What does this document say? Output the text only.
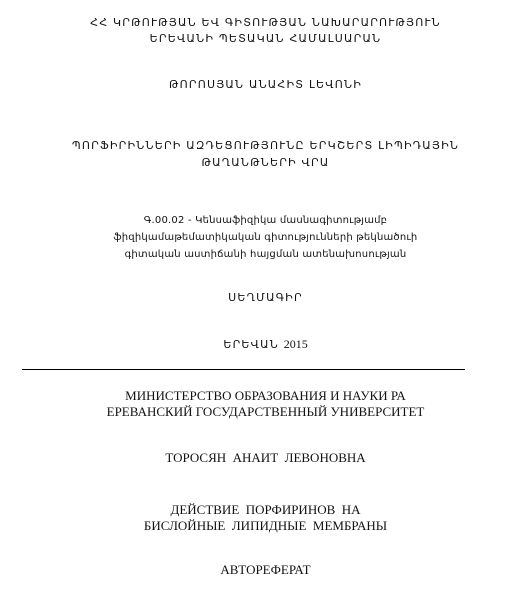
ՀՀ ԿՐԹՈՒԹՅԱՆ ԵՎ ԳԻՏՈՒԹՅԱՆ ՆԱԽԱՐԱՐՈՒԹՅՈՒՆ
ԵՐԵՎԱՆԻ ՊԵՏԱԿԱՆ ՀԱՄԱԼՍԱՐԱՆ
ԹՈՐՈՍՅԱՆ ԱՆԱՀԻՏ ԼԵՎՈՆԻ
ՊՈՐՖԻՐԻՆՆԵՐԻ ԱԶԴԵՑՈՒԹՅՈՒՆԸ ԵՐԿՇԵՐՏ ԼԻՊԻԴԱՅԻՆ
ԹԱՂԱՆԹՆԵՐԻ ՎՐԱ
Գ.00.02 - Կենսաֆիզիկա մասնագիտությամբ
ֆիզիկամաթեմատիկական գիտությունների թեկնածուի
գիտական աստիճանի հայցման ատենախոսության
ՍԵՂՄԱԳԻՐ
ԵՐԵՎԱՆ 2015
МИНИСТЕРСТВО ОБРАЗОВАНИЯ И НАУКИ РА
ЕРЕВАНСКИЙ ГОСУДАРСТВЕННЫЙ УНИВЕРСИТЕТ
ТОРОСЯН  АНАИТ  ЛЕВОНОВНА
ДЕЙСТВИЕ  ПОРФИРИНОВ  НА
БИСЛОЙНЫЕ  ЛИПИДНЫЕ  МЕМБРАНЫ
АВТОРЕФЕРАТ
